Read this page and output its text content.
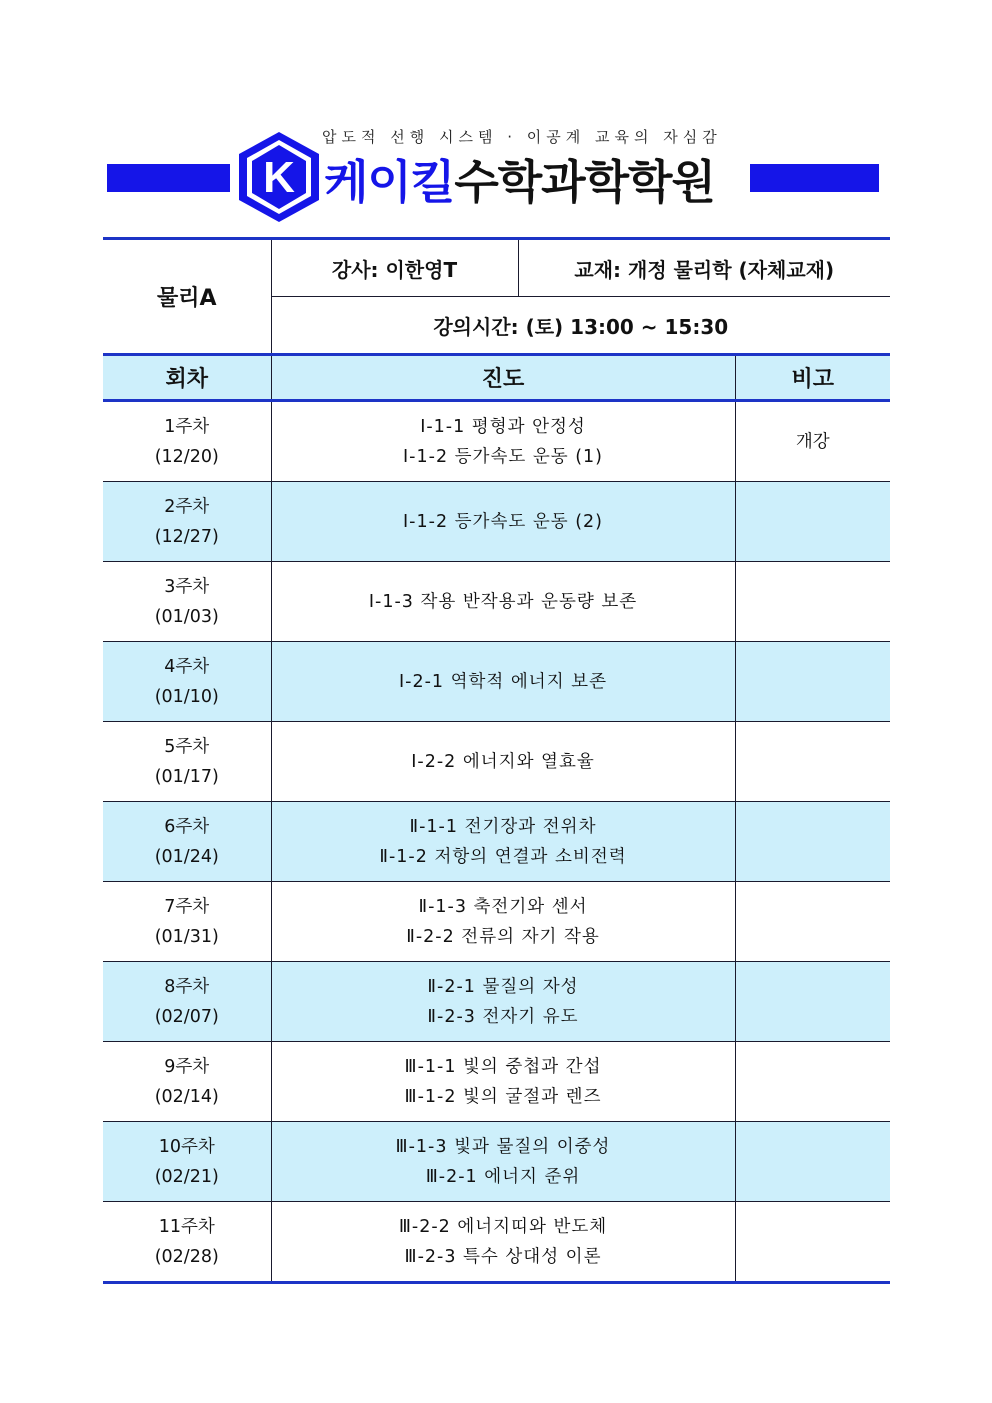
압도적 선행 시스템 · 이공계 교육의 자심감
K 케이킬수학과학학원
물리A	강사: 이한영T	교재: 개정 물리학 (자체교재)	
	강의시간: (토) 13:00 ~ 15:30		
회차	진도		비고

1주차
(12/20)	Ⅰ-1-1 평형과 안정성
Ⅰ-1-2 등가속도 운동 (1)		개강

2주차
(12/27)	Ⅰ-1-2 등가속도 운동 (2)		

3주차
(01/03)	Ⅰ-1-3 작용 반작용과 운동량 보존		

4주차
(01/10)	Ⅰ-2-1 역학적 에너지 보존		

5주차
(01/17)	Ⅰ-2-2 에너지와 열효율		

6주차
(01/24)	Ⅱ-1-1 전기장과 전위차
Ⅱ-1-2 저항의 연결과 소비전력		

7주차
(01/31)	Ⅱ-1-3 축전기와 센서
Ⅱ-2-2 전류의 자기 작용		

8주차
(02/07)	Ⅱ-2-1 물질의 자성
Ⅱ-2-3 전자기 유도		

9주차
(02/14)	Ⅲ-1-1 빛의 중첩과 간섭
Ⅲ-1-2 빛의 굴절과 렌즈		

10주차
(02/21)	Ⅲ-1-3 빛과 물질의 이중성
Ⅲ-2-1 에너지 준위		

11주차
(02/28)	Ⅲ-2-2 에너지띠와 반도체
Ⅲ-2-3 특수 상대성 이론		
